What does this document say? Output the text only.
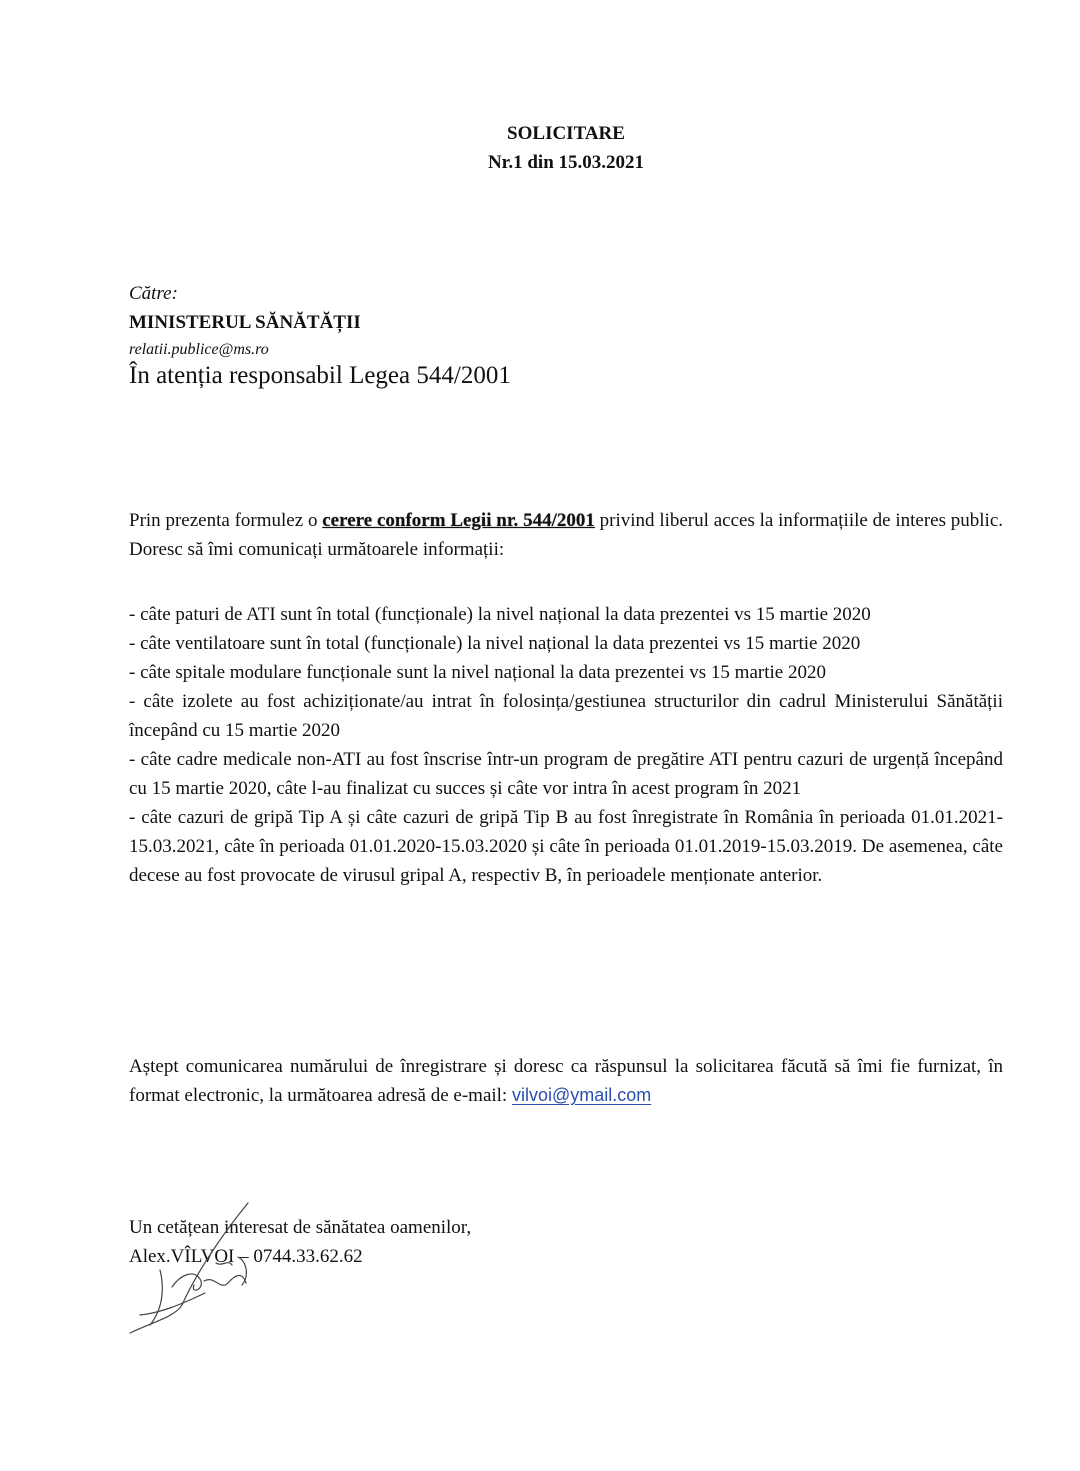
SOLICITARE
Nr.1 din 15.03.2021
Către:
MINISTERUL SĂNĂTĂȚII
relatii.publice@ms.ro
În atenția responsabil Legea 544/2001
Prin prezenta formulez o cerere conform Legii nr. 544/2001 privind liberul acces la informațiile de interes public. Doresc să îmi comunicați următoarele informații:

- câte paturi de ATI sunt în total (funcționale) la nivel național la data prezentei vs 15 martie 2020

- câte ventilatoare sunt în total (funcționale) la nivel național la data prezentei vs 15 martie 2020

- câte spitale modulare funcționale sunt la nivel național la data prezentei vs 15 martie 2020

- câte izolete au fost achiziționate/au intrat în folosința/gestiunea structurilor din cadrul Ministerului Sănătății începând cu 15 martie 2020

- câte cadre medicale non-ATI au fost înscrise într-un program de pregătire ATI pentru cazuri de urgență începând cu 15 martie 2020, câte l-au finalizat cu succes și câte vor intra în acest program în 2021

- câte cazuri de gripă Tip A și câte cazuri de gripă Tip B au fost înregistrate în România în perioada 01.01.2021-15.03.2021, câte în perioada 01.01.2020-15.03.2020 și câte în perioada 01.01.2019-15.03.2019. De asemenea, câte decese au fost provocate de virusul gripal A, respectiv B, în perioadele menționate anterior.

Aștept comunicarea numărului de înregistrare și doresc ca răspunsul la solicitarea făcută să îmi fie furnizat, în format electronic, la următoarea adresă de e-mail: vilvoi@ymail.com
Un cetățean interesat de sănătatea oamenilor,
Alex.VÎLVOI – 0744.33.62.62
